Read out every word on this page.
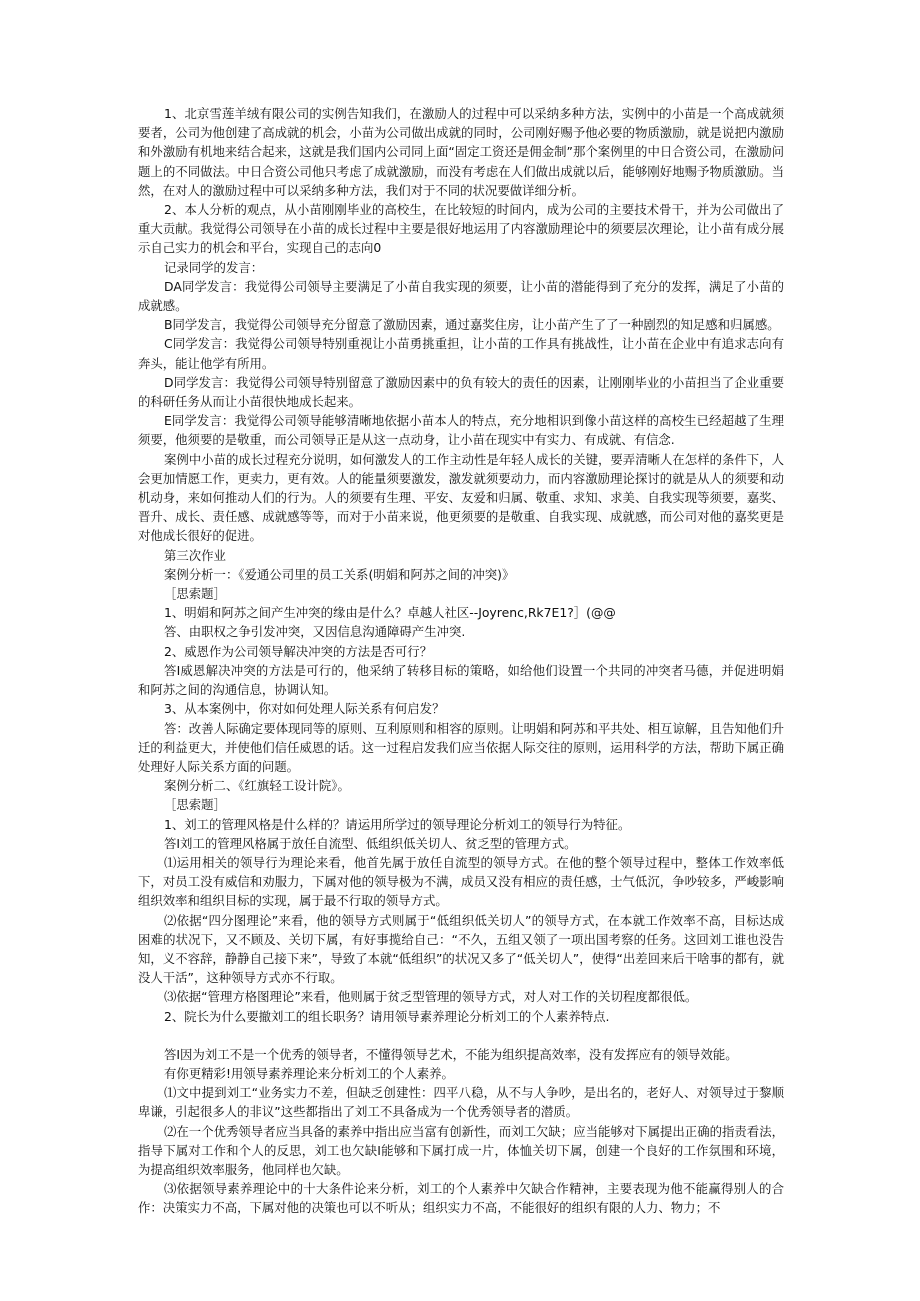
1、北京雪莲羊绒有限公司的实例告知我们，在激励人的过程中可以采纳多种方法，实例中的小苗是一个高成就须要者，公司为他创建了高成就的机会，小苗为公司做出成就的同时，公司刚好赐予他必要的物质激励，就是说把内激励和外激励有机地来结合起来，这就是我们国内公司同上面“固定工资还是佣金制”那个案例里的中日合资公司，在激励问题上的不同做法。中日合资公司他只考虑了成就激励，而没有考虑在人们做出成就以后，能够刚好地赐予物质激励。当然，在对人的激励过程中可以采纳多种方法，我们对于不同的状况要做详细分析。

2、本人分析的观点，从小苗刚刚毕业的高校生，在比较短的时间内，成为公司的主要技术骨干，并为公司做出了重大贡献。我觉得公司领导在小苗的成长过程中主要是很好地运用了内容激励理论中的须要层次理论，让小苗有成分展示自己实力的机会和平台，实现自己的志向0

记录同学的发言：

DA同学发言：我觉得公司领导主要满足了小苗自我实现的须要，让小苗的潜能得到了充分的发挥，满足了小苗的成就感。

B同学发言，我觉得公司领导充分留意了激励因素，通过嘉奖住房，让小苗产生了了一种剧烈的知足感和归属感。

C同学发言：我觉得公司领导特别重视让小苗勇挑重担，让小苗的工作具有挑战性，让小苗在企业中有追求志向有奔头，能让他学有所用。

D同学发言：我觉得公司领导特别留意了激励因素中的负有较大的责任的因素，让刚刚毕业的小苗担当了企业重要的科研任务从而让小苗很快地成长起来。

E同学发言：我觉得公司领导能够清晰地依据小苗本人的特点，充分地相识到像小苗这样的高校生已经超越了生理须要，他须要的是敬重，而公司领导正是从这一点动身，让小苗在现实中有实力、有成就、有信念.

案例中小苗的成长过程充分说明，如何激发人的工作主动性是年轻人成长的关键，要弄清晰人在怎样的条件下，人会更加情愿工作，更卖力，更有效。人的能量须要激发，激发就须要动力，而内容激励理论探讨的就是从人的须要和动机动身，来如何推动人们的行为。人的须要有生理、平安、友爱和归属、敬重、求知、求美、自我实现等须要，嘉奖、晋升、成长、责任感、成就感等等，而对于小苗来说，他更须要的是敬重、自我实现、成就感，而公司对他的嘉奖更是对他成长很好的促进。

第三次作业

案例分析一：《爱通公司里的员工关系(明娟和阿苏之间的冲突)》

［思索题］

1、明娟和阿苏之间产生冲突的缘由是什么？卓越人社区--Joyrenc,Rk7E1?］(@@

答、由职权之争引发冲突，又因信息沟通障碍产生冲突.

2、威恩作为公司领导解决冲突的方法是否可行？

答I威恩解决冲突的方法是可行的，他采纳了转移目标的策略，如给他们设置一个共同的冲突者马德，并促进明娟和阿苏之间的沟通信息，协调认知。

3、从本案例中，你对如何处理人际关系有何启发？

答：改善人际确定要体现同等的原则、互利原则和相容的原则。让明娟和阿苏和平共处、相互谅解，且告知他们升迁的利益更大，并使他们信任威恩的话。这一过程启发我们应当依据人际交往的原则，运用科学的方法，帮助下属正确处理好人际关系方面的问题。

案例分析二、《红旗轻工设计院》。

［思索题］

1、刘工的管理风格是什么样的？请运用所学过的领导理论分析刘工的领导行为特征。

答I刘工的管理风格属于放任自流型、低组织低关切人、贫乏型的管理方式。

⑴运用相关的领导行为理论来看，他首先属于放任自流型的领导方式。在他的整个领导过程中，整体工作效率低下，对员工没有威信和劝服力，下属对他的领导极为不满，成员又没有相应的责任感，士气低沉，争吵较多，严峻影响组织效率和组织目标的实现，属于最不行取的领导方式。

⑵依据“四分图理论”来看，他的领导方式则属于“低组织低关切人”的领导方式，在本就工作效率不高，目标达成困难的状况下，又不顾及、关切下属，有好事揽给自己：“不久，五组又领了一项出国考察的任务。这回刘工谁也没告知，义不容辞，静静自己接下来”，导致了本就“低组织”的状况又多了“低关切人”，使得“出差回来后干啥事的都有，就没人干活”，这种领导方式亦不行取。

⑶依据“管理方格图理论”来看，他则属于贫乏型管理的领导方式，对人对工作的关切程度都很低。

2、院长为什么要撤刘工的组长职务？请用领导素养理论分析刘工的个人素养特点.

答I因为刘工不是一个优秀的领导者，不懂得领导艺术，不能为组织提高效率，没有发挥应有的领导效能。

有你更精彩!用领导素养理论来分析刘工的个人素养。

⑴文中提到刘工“业务实力不差，但缺乏创建性：四平八稳，从不与人争吵，是出名的，老好人、对领导过于黎顺卑谦，引起很多人的非议”这些都指出了刘工不具备成为一个优秀领导者的潜质。

⑵在一个优秀领导者应当具备的素养中指出应当富有创新性，而刘工欠缺；应当能够对下属提出正确的指责看法，指导下属对工作和个人的反思，刘工也欠缺I能够和下属打成一片，体恤关切下属，创建一个良好的工作氛围和环境，为提高组织效率服务，他同样也欠缺。

⑶依据领导素养理论中的十大条件论来分析，刘工的个人素养中欠缺合作精神，主要表现为他不能赢得别人的合作：决策实力不高，下属对他的决策也可以不听从；组织实力不高，不能很好的组织有限的人力、物力；不
